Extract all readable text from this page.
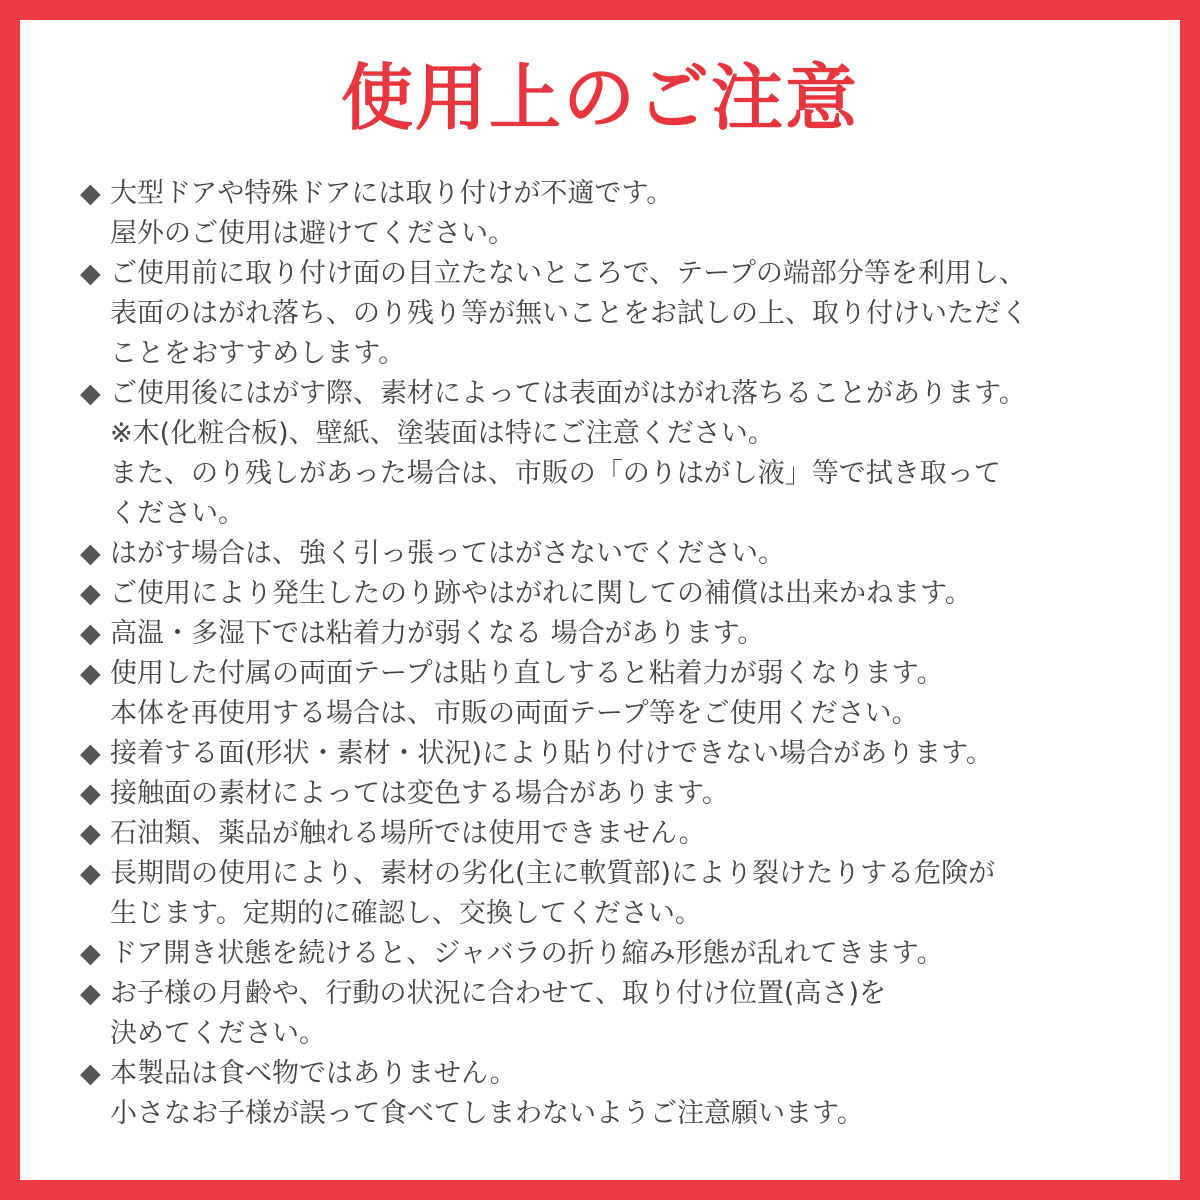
使用上のご注意
◆ 大型ドアや特殊ドアには取り付けが不適です。
屋外のご使用は避けてください。
◆ ご使用前に取り付け面の目立たないところで、テープの端部分等を利用し、
表面のはがれ落ち、のり残り等が無いことをお試しの上、取り付けいただく
ことをおすすめします。
◆ ご使用後にはがす際、素材によっては表面がはがれ落ちることがあります。
※木(化粧合板)、壁紙、塗装面は特にご注意ください。
また、のり残しがあった場合は、市販の「のりはがし液」等で拭き取って
ください。
◆ はがす場合は、強く引っ張ってはがさないでください。
◆ ご使用により発生したのり跡やはがれに関しての補償は出来かねます。
◆ 高温・多湿下では粘着力が弱くなる 場合があります。
◆ 使用した付属の両面テープは貼り直しすると粘着力が弱くなります。
本体を再使用する場合は、市販の両面テープ等をご使用ください。
◆ 接着する面(形状・素材・状況)により貼り付けできない場合があります。
◆ 接触面の素材によっては変色する場合があります。
◆ 石油類、薬品が触れる場所では使用できません。
◆ 長期間の使用により、素材の劣化(主に軟質部)により裂けたりする危険が
生じます。定期的に確認し、交換してください。
◆ ドア開き状態を続けると、ジャバラの折り縮み形態が乱れてきます。
◆ お子様の月齢や、行動の状況に合わせて、取り付け位置(高さ)を
決めてください。
◆ 本製品は食べ物ではありません。
小さなお子様が誤って食べてしまわないようご注意願います。
